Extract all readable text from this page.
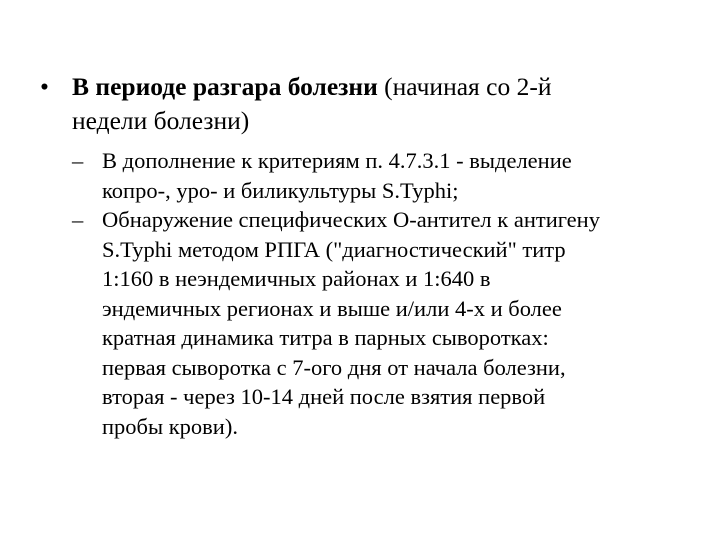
• В периоде разгара болезни (начиная со 2-й
недели болезни)
– В дополнение к критериям п. 4.7.3.1 - выделение
копро-, уро- и биликультуры S.Typhi;
– Обнаружение специфических О-антител к антигену
S.Typhi методом РПГА ("диагностический" титр
1:160 в неэндемичных районах и 1:640 в
эндемичных регионах и выше и/или 4-х и более
кратная динамика титра в парных сыворотках:
первая сыворотка с 7-ого дня от начала болезни,
вторая - через 10-14 дней после взятия первой
пробы крови).
